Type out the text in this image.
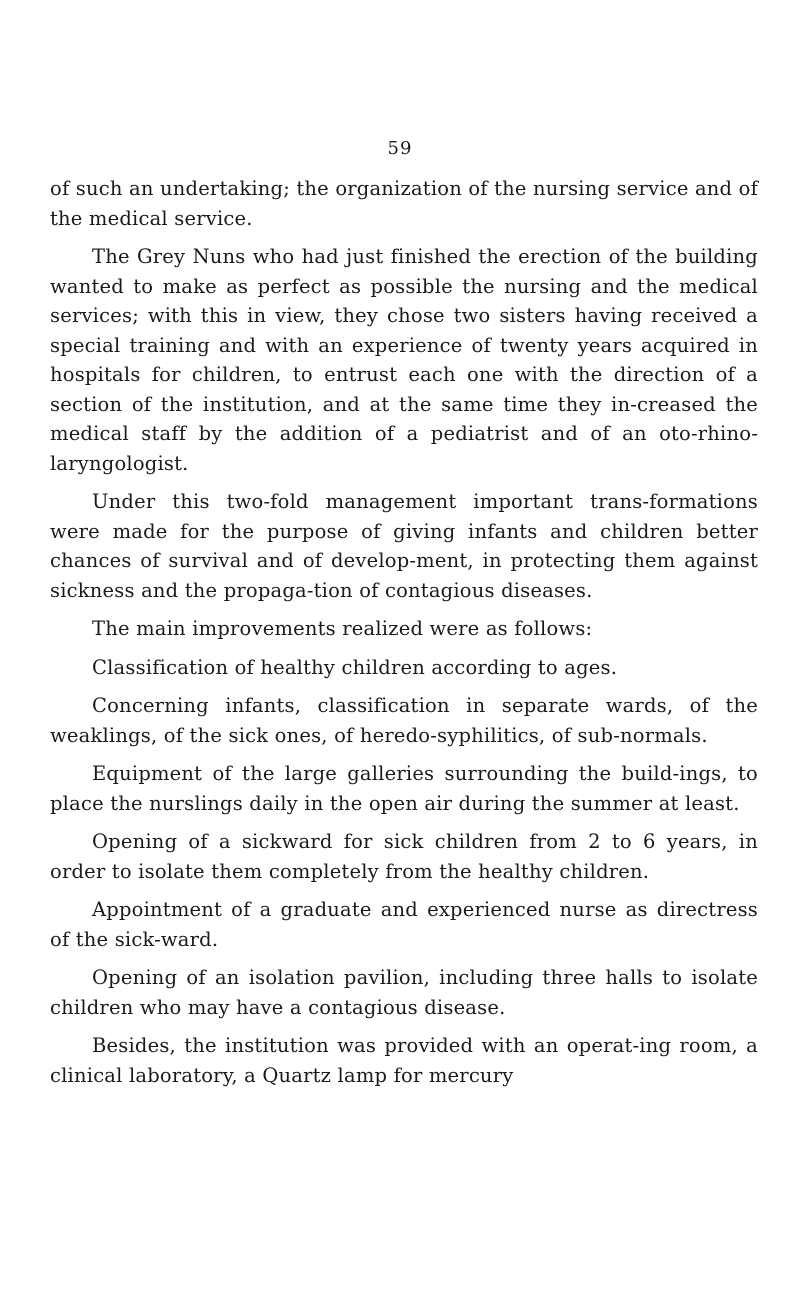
59

of such an undertaking; the organization of the nursing service and of the medical service.

The Grey Nuns who had just finished the erection of the building wanted to make as perfect as possible the nursing and the medical services; with this in view, they chose two sisters having received a special training and with an experience of twenty years acquired in hospitals for children, to entrust each one with the direction of a section of the institution, and at the same time they in-creased the medical staff by the addition of a pediatrist and of an oto-rhino-laryngologist.

Under this two-fold management important trans-formations were made for the purpose of giving infants and children better chances of survival and of develop-ment, in protecting them against sickness and the propaga-tion of contagious diseases.

The main improvements realized were as follows:

Classification of healthy children according to ages.

Concerning infants, classification in separate wards, of the weaklings, of the sick ones, of heredo-syphilitics, of sub-normals.

Equipment of the large galleries surrounding the build-ings, to place the nurslings daily in the open air during the summer at least.

Opening of a sickward for sick children from 2 to 6 years, in order to isolate them completely from the healthy children.

Appointment of a graduate and experienced nurse as directress of the sick-ward.

Opening of an isolation pavilion, including three halls to isolate children who may have a contagious disease.

Besides, the institution was provided with an operat-ing room, a clinical laboratory, a Quartz lamp for mercury
